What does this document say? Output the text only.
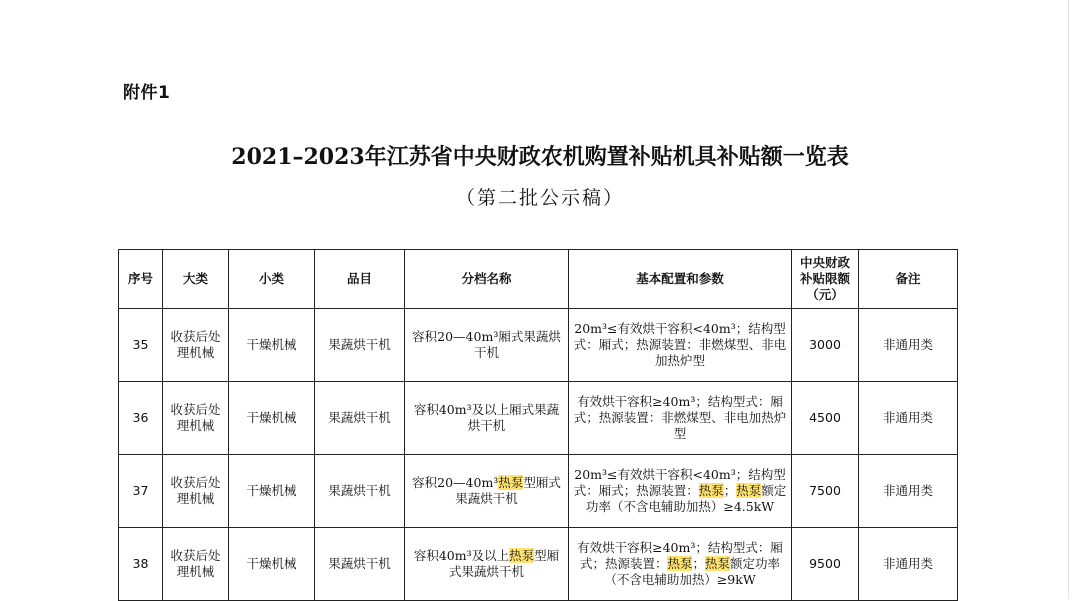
附件1
2021–2023年江苏省中央财政农机购置补贴机具补贴额一览表
（第二批公示稿）
序号	大类	小类	品目	分档名称	基本配置和参数	中央财政补贴限额（元）	备注
35	收获后处理机械	干燥机械	果蔬烘干机	容积20—40m³厢式果蔬烘干机	20m³≤有效烘干容积<40m³；结构型式：厢式；热源装置：非燃煤型、非电加热炉型	3000	非通用类
36	收获后处理机械	干燥机械	果蔬烘干机	容积40m³及以上厢式果蔬烘干机	有效烘干容积≥40m³；结构型式：厢式；热源装置：非燃煤型、非电加热炉型	4500	非通用类
37	收获后处理机械	干燥机械	果蔬烘干机	容积20—40m³热泵型厢式果蔬烘干机	20m³≤有效烘干容积<40m³；结构型式：厢式；热源装置：热泵；热泵额定功率（不含电辅助加热）≥4.5kW	7500	非通用类
38	收获后处理机械	干燥机械	果蔬烘干机	容积40m³及以上热泵型厢式果蔬烘干机	有效烘干容积≥40m³；结构型式：厢式；热源装置：热泵；热泵额定功率（不含电辅助加热）≥9kW	9500	非通用类
